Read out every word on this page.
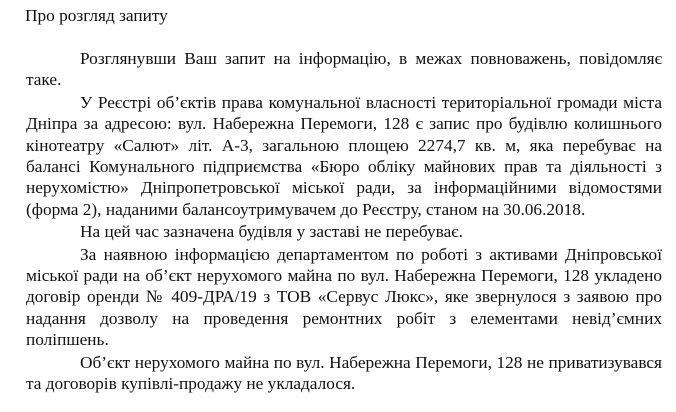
Про розгляд запиту

Розглянувши Ваш запит на інформацію, в межах повноважень, повідомляє таке.

У Реєстрі об’єктів права комунальної власності територіальної громади міста Дніпра за адресою: вул. Набережна Перемоги, 128 є запис про будівлю колишнього кінотеатру «Салют» літ. А-3, загальною площею 2274,7 кв. м, яка перебуває на балансі Комунального підприємства «Бюро обліку майнових прав та діяльності з нерухомістю» Дніпропетровської міської ради, за інформаційними відомостями (форма 2), наданими балансоутримувачем до Реєстру, станом на 30.06.2018.

На цей час зазначена будівля у заставі не перебуває.

За наявною інформацією департаментом по роботі з активами Дніпровської міської ради на об’єкт нерухомого майна по вул. Набережна Перемоги, 128 укладено договір оренди № 409-ДРА/19 з ТОВ «Сервус Люкс», яке звернулося з заявою про надання дозволу на проведення ремонтних робіт з елементами невід’ємних поліпшень.

Об’єкт нерухомого майна по вул. Набережна Перемоги, 128 не приватизувався та договорів купівлі-продажу не укладалося.
